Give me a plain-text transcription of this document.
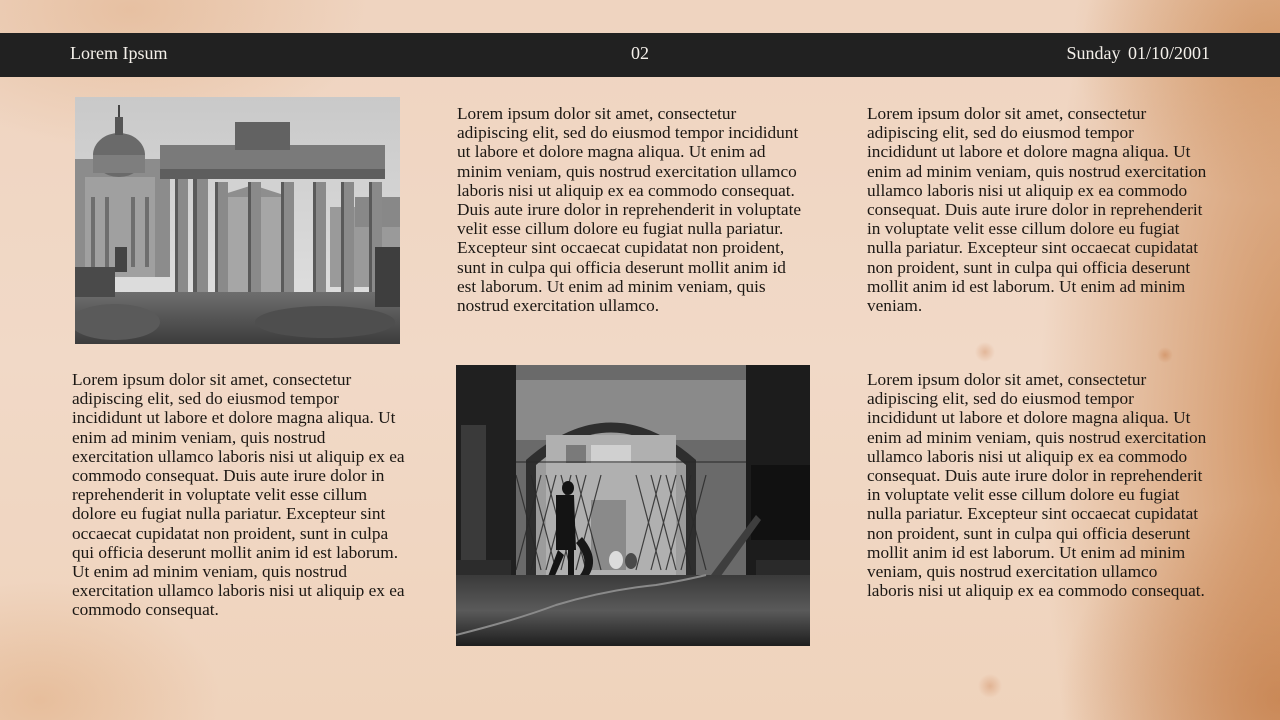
Lorem Ipsum	02	Sunday 01/10/2001

Lorem ipsum dolor sit amet, consectetur adipiscing elit, sed do eiusmod tempor incididunt ut labore et dolore magna aliqua. Ut enim ad minim veniam, quis nostrud exercitation ullamco laboris nisi ut aliquip ex ea commodo consequat. Duis aute irure dolor in reprehenderit in voluptate velit esse cillum dolore eu fugiat nulla pariatur. Excepteur sint occaecat cupidatat non proident, sunt in culpa qui officia deserunt mollit anim id est laborum. Ut enim ad minim veniam, quis nostrud exercitation ullamco.

Lorem ipsum dolor sit amet, consectetur adipiscing elit, sed do eiusmod tempor incididunt ut labore et dolore magna aliqua. Ut enim ad minim veniam, quis nostrud exercitation ullamco laboris nisi ut aliquip ex ea commodo consequat. Duis aute irure dolor in reprehenderit in voluptate velit esse cillum dolore eu fugiat nulla pariatur. Excepteur sint occaecat cupidatat non proident, sunt in culpa qui officia deserunt mollit anim id est laborum. Ut enim ad minim veniam.

Lorem ipsum dolor sit amet, consectetur adipiscing elit, sed do eiusmod tempor incididunt ut labore et dolore magna aliqua. Ut enim ad minim veniam, quis nostrud exercitation ullamco laboris nisi ut aliquip ex ea commodo consequat. Duis aute irure dolor in reprehenderit in voluptate velit esse cillum dolore eu fugiat nulla pariatur. Excepteur sint occaecat cupidatat non proident, sunt in culpa qui officia deserunt mollit anim id est laborum. Ut enim ad minim veniam, quis nostrud exercitation ullamco laboris nisi ut aliquip ex ea commodo consequat.

Lorem ipsum dolor sit amet, consectetur adipiscing elit, sed do eiusmod tempor incididunt ut labore et dolore magna aliqua. Ut enim ad minim veniam, quis nostrud exercitation ullamco laboris nisi ut aliquip ex ea commodo consequat. Duis aute irure dolor in reprehenderit in voluptate velit esse cillum dolore eu fugiat nulla pariatur. Excepteur sint occaecat cupidatat non proident, sunt in culpa qui officia deserunt mollit anim id est laborum. Ut enim ad minim veniam, quis nostrud exercitation ullamco laboris nisi ut aliquip ex ea commodo consequat.
